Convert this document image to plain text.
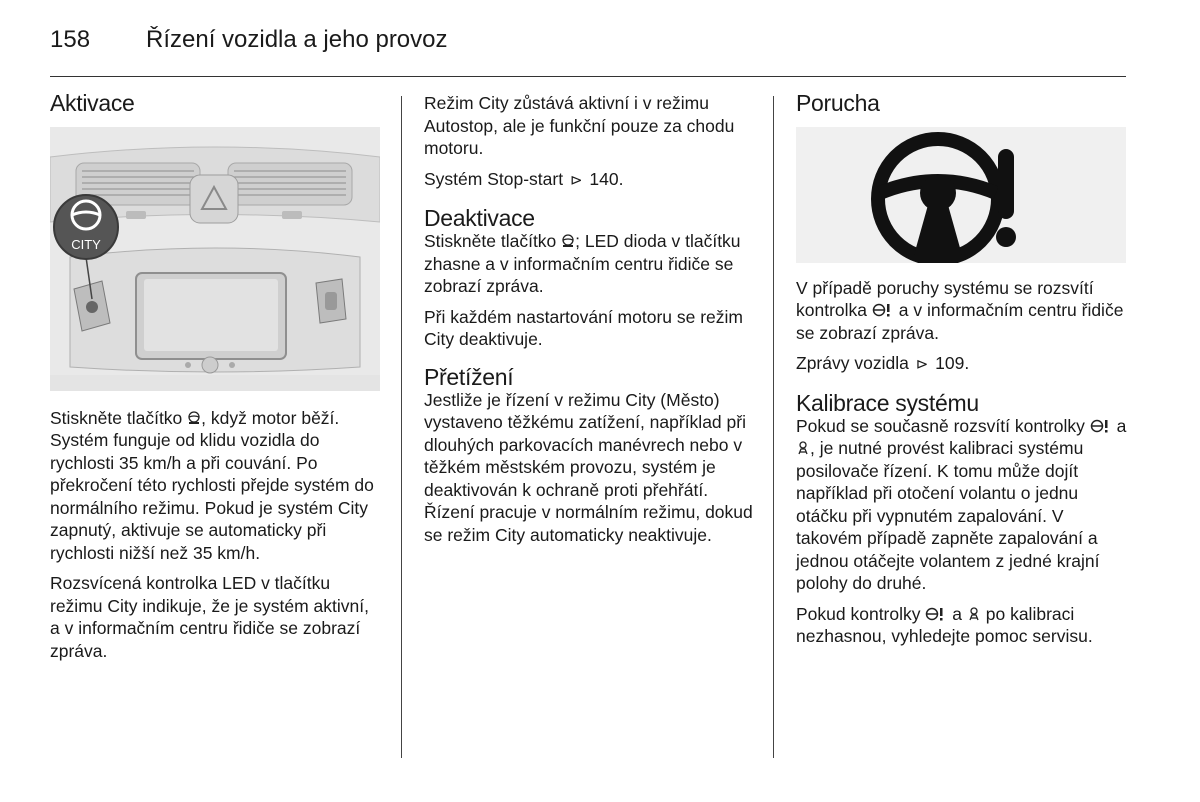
158 Řízení vozidla a jeho provoz
Aktivace
CITY

Stiskněte tlačítko , když motor běží. Systém funguje od klidu vozidla do rychlosti 35 km/h a při couvání. Po překročení této rychlosti přejde systém do normálního režimu. Pokud je systém City zapnutý, aktivuje se automaticky při rychlosti nižší než 35 km/h.

Rozsvícená kontrolka LED v tlačítku režimu City indikuje, že je systém aktivní, a v informačním centru řidiče se zobrazí zpráva.

Režim City zůstává aktivní i v režimu Autostop, ale je funkční pouze za chodu motoru.

Systém Stop-start ⊳ 140.

Deaktivace

Stiskněte tlačítko ; LED dioda v tlačítku zhasne a v informačním centru řidiče se zobrazí zpráva.

Při každém nastartování motoru se režim City deaktivuje.

Přetížení

Jestliže je řízení v režimu City (Město) vystaveno těžkému zatížení, například při dlouhých parkovacích manévrech nebo v těžkém městském provozu, systém je deaktivován k ochraně proti přehřátí. Řízení pracuje v normálním režimu, dokud se režim City automaticky neaktivuje.

Porucha

V případě poruchy systému se rozsvítí kontrolka a v informačním centru řidiče se zobrazí zpráva.

Zprávy vozidla ⊳ 109.

Kalibrace systému

Pokud se současně rozsvítí kontrolky a , je nutné provést kalibraci systému posilovače řízení. K tomu může dojít například při otočení volantu o jednu otáčku při vypnutém zapalování. V takovém případě zapněte zapalování a jednou otáčejte volantem z jedné krajní polohy do druhé.

Pokud kontrolky a po kalibraci nezhasnou, vyhledejte pomoc servisu.
